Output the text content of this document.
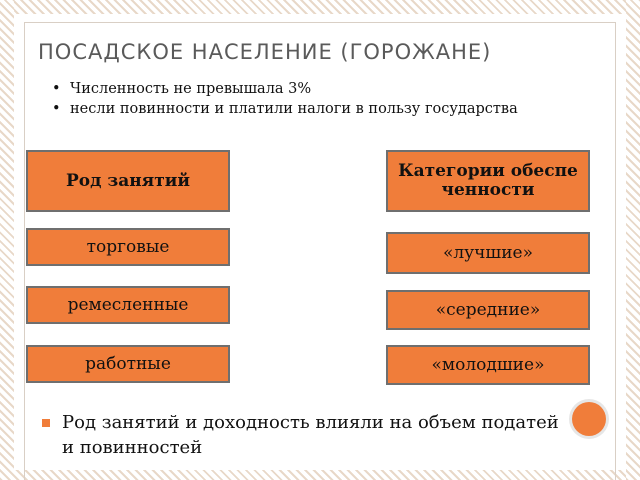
ПОСАДСКОЕ НАСЕЛЕНИЕ (ГОРОЖАНЕ)
• Численность не превышала 3%
• несли повинности и платили налоги в пользу государства
Род занятий
торговые
ремесленные
работные
Категории обеспеченности
«лучшие»
«середние»
«молодшие»
Род занятий и доходность влияли на объем податей и повинностей
